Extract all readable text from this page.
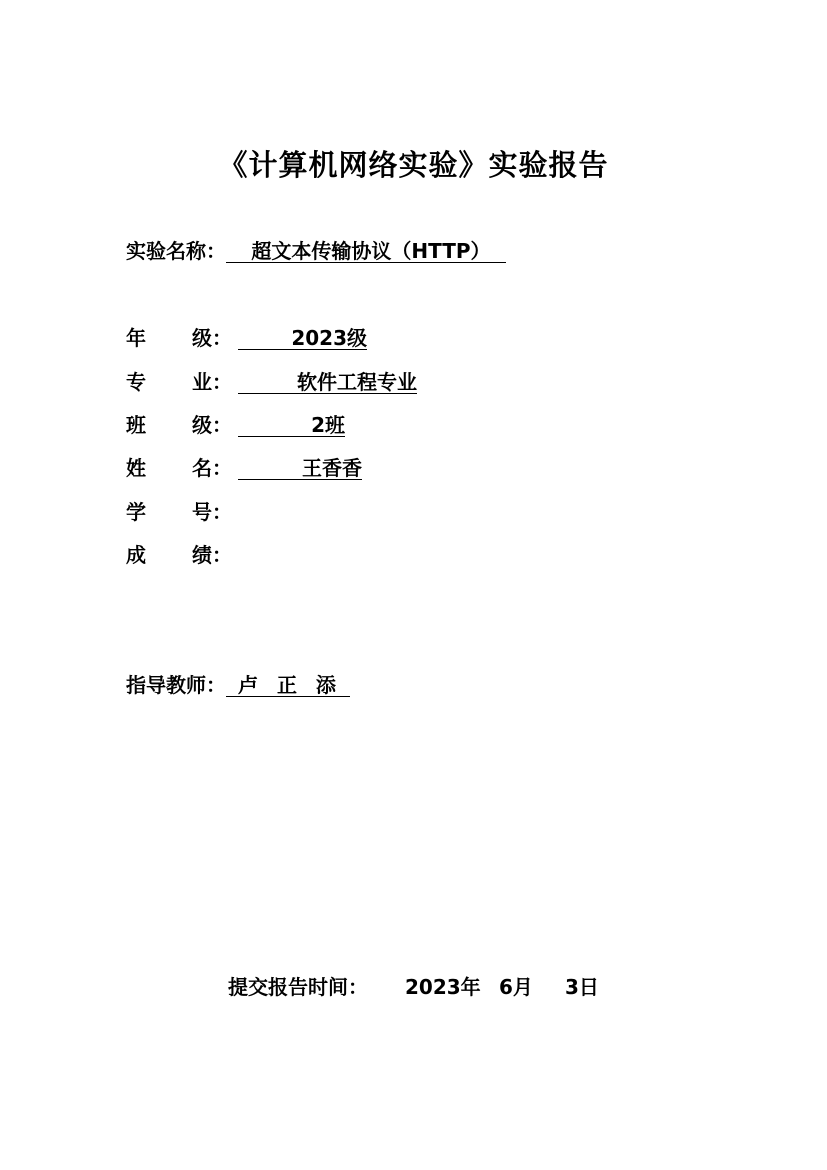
《计算机网络实验》实验报告
实验名称： 超文本传输协议（HTTP）
年 级：	2023级
专 业：	软件工程专业
班 级：	2班
姓 名：	王香香
学 号：
成 绩：
指导教师： 卢 正 添
提交报告时间： 2023年 6月 3日
